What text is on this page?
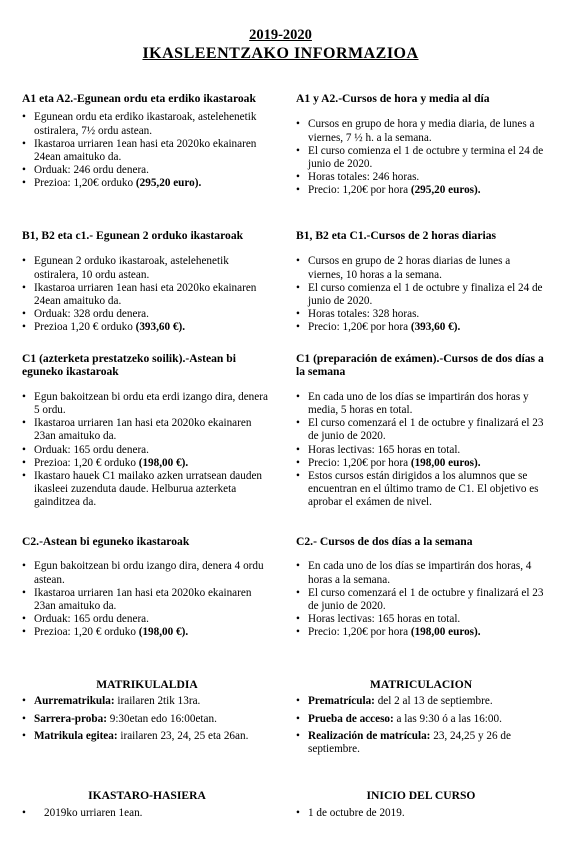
2019-2020
IKASLEENTZAKO INFORMAZIOA
A1 eta A2.-Egunean ordu eta erdiko ikastaroak
• Egunean ordu eta erdiko ikastaroak, astelehenetik ostiralera, 7½ ordu astean.
• Ikastaroa urriaren 1ean hasi eta 2020ko ekainaren 24ean amaituko da.
• Orduak: 246 ordu denera.
• Prezioa: 1,20€ orduko (295,20 euro).
B1, B2 eta c1.- Egunean 2 orduko ikastaroak
• Egunean 2 orduko ikastaroak, astelehenetik ostiralera, 10 ordu astean.
• Ikastaroa urriaren 1ean hasi eta 2020ko ekainaren 24ean amaituko da.
• Orduak: 328 ordu denera.
• Prezioa 1,20 € orduko (393,60 €).
C1 (azterketa prestatzeko soilik).-Astean bi eguneko ikastaroak
• Egun bakoitzean bi ordu eta erdi izango dira, denera 5 ordu.
• Ikastaroa urriaren 1an hasi eta 2020ko ekainaren 23an amaituko da.
• Orduak: 165 ordu denera.
• Prezioa: 1,20 € orduko (198,00 €).
• Ikastaro hauek C1 mailako azken urratsean dauden ikasleei zuzenduta daude. Helburua azterketa gainditzea da.
C2.-Astean bi eguneko ikastaroak
• Egun bakoitzean bi ordu izango dira, denera 4 ordu astean.
• Ikastaroa urriaren 1an hasi eta 2020ko ekainaren 23an amaituko da.
• Orduak: 165 ordu denera.
• Prezioa: 1,20 € orduko (198,00 €).
MATRIKULALDIA
• Aurrematrikula: irailaren 2tik 13ra.
• Sarrera-proba: 9:30etan edo 16:00etan.
• Matrikula egitea: irailaren 23, 24, 25 eta 26an.
IKASTARO-HASIERA
• 2019ko urriaren 1ean.
A1 y A2.-Cursos de hora y media al día
• Cursos en grupo de hora y media diaria, de lunes a viernes, 7 ½ h. a la semana.
• El curso comienza el 1 de octubre y termina el 24 de junio de 2020.
• Horas totales: 246 horas.
• Precio: 1,20€ por hora (295,20 euros).
B1, B2 eta C1.-Cursos de 2 horas diarias
• Cursos en grupo de 2 horas diarias de lunes a viernes, 10 horas a la semana.
• El curso comienza el 1 de octubre y finaliza el 24 de junio de 2020.
• Horas totales: 328 horas.
• Precio: 1,20€ por hora (393,60 €).
C1 (preparación de exámen).-Cursos de dos días a la semana
• En cada uno de los días se impartirán dos horas y media, 5 horas en total.
• El curso comenzará el 1 de octubre y finalizará el 23 de junio de 2020.
• Horas lectivas: 165 horas en total.
• Precio: 1,20€ por hora (198,00 euros).
• Estos cursos están dirigidos a los alumnos que se encuentran en el último tramo de C1. El objetivo es aprobar el exámen de nivel.
C2.- Cursos de dos días a la semana
• En cada uno de los días se impartirán dos horas, 4 horas a la semana.
• El curso comenzará el 1 de octubre y finalizará el 23 de junio de 2020.
• Horas lectivas: 165 horas en total.
• Precio: 1,20€ por hora (198,00 euros).
MATRICULACION
• Prematrícula: del 2 al 13 de septiembre.
• Prueba de acceso: a las 9:30 ó a las 16:00.
• Realización de matrícula: 23, 24,25 y 26 de septiembre.
INICIO DEL CURSO
• 1 de octubre de 2019.
